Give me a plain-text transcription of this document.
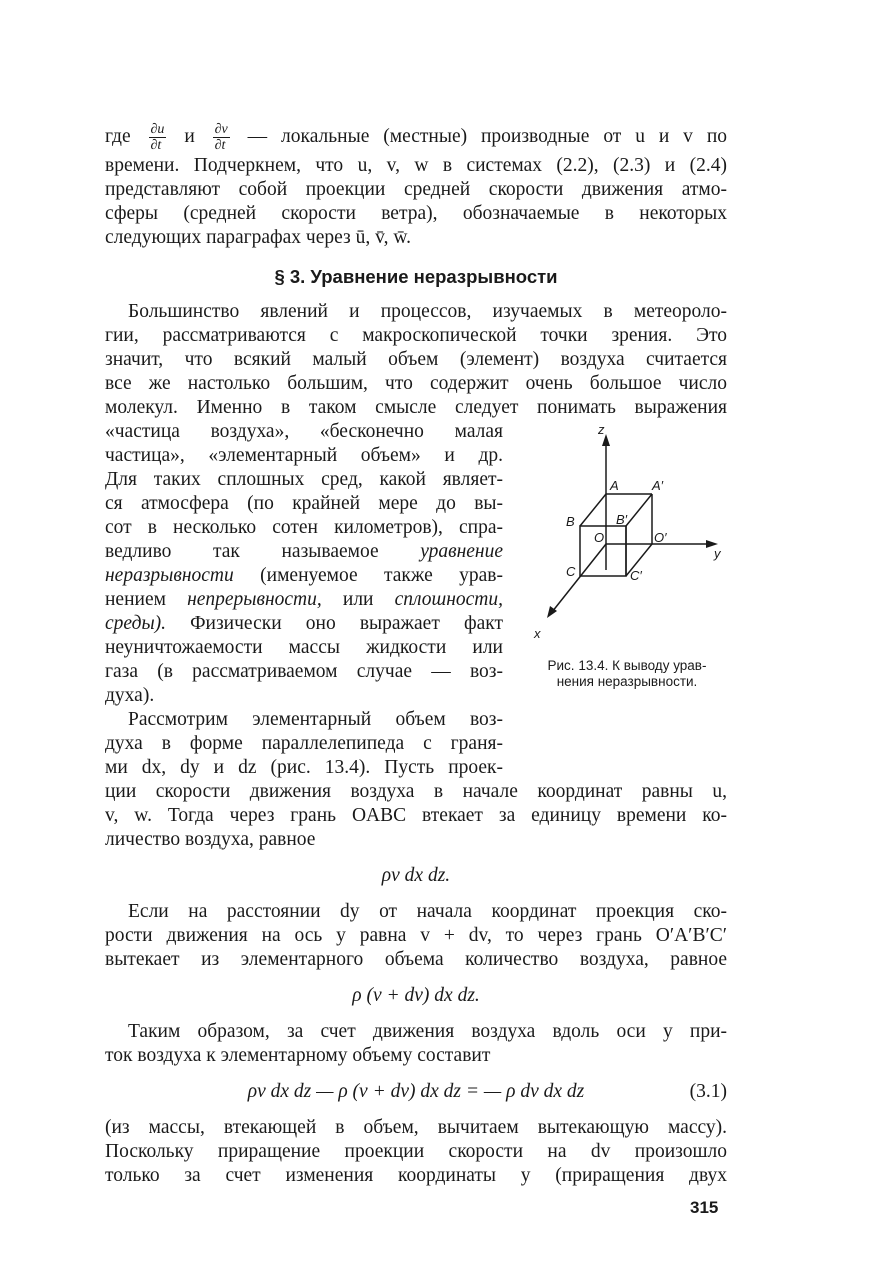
где $\frac{\partial u}{\partial t}$ и $\frac{\partial v}{\partial t}$ — локальные (местные) производные от u и v по
времени. Подчеркнем, что u, v, w в системах (2.2), (2.3) и (2.4)
представляют собой проекции средней скорости движения атмо-
сферы (средней скорости ветра), обозначаемые в некоторых
следующих параграфах через ū, v̄, w̄.
§ 3. Уравнение неразрывности
Большинство явлений и процессов, изучаемых в метеороло-
гии, рассматриваются с макроскопической точки зрения. Это
значит, что всякий малый объем (элемент) воздуха считается
все же настолько большим, что содержит очень большое число
молекул. Именно в таком смысле следует понимать выражения
«частица воздуха», «бесконечно малая
частица», «элементарный объем» и др.
Для таких сплошных сред, какой являет-
ся атмосфера (по крайней мере до вы-
сот в несколько сотен километров), спра-
ведливо так называемое уравнение
неразрывности (именуемое также урав-
нением непрерывности, или сплошности,
среды). Физически оно выражает факт
неуничтожаемости массы жидкости или
газа (в рассматриваемом случае — воз-
духа).
Рассмотрим элементарный объем воз-
духа в форме параллелепипеда с граня-
ми dx, dy и dz (рис. 13.4). Пусть проек-
ции скорости движения воздуха в начале координат равны u,
v, w. Тогда через грань OABC втекает за единицу времени ко-
личество воздуха, равное
ρv dx dz.
Если на расстоянии dy от начала координат проекция ско-
рости движения на ось y равна v + dv, то через грань O′A′B′C′
вытекает из элементарного объема количество воздуха, равное
ρ (v + dv) dx dz.
Таким образом, за счет движения воздуха вдоль оси y при-
ток воздуха к элементарному объему составит
ρv dx dz — ρ (v + dv) dx dz = — ρ dv dx dz	(3.1)
z
y
x
A	A′
B	B′
O	O′
C	C′
Рис. 13.4. К выводу урав-
нения неразрывности.
(из массы, втекающей в объем, вычитаем вытекающую массу).
Поскольку приращение проекции скорости на dv произошло
только за счет изменения координаты y (приращения двух
315
